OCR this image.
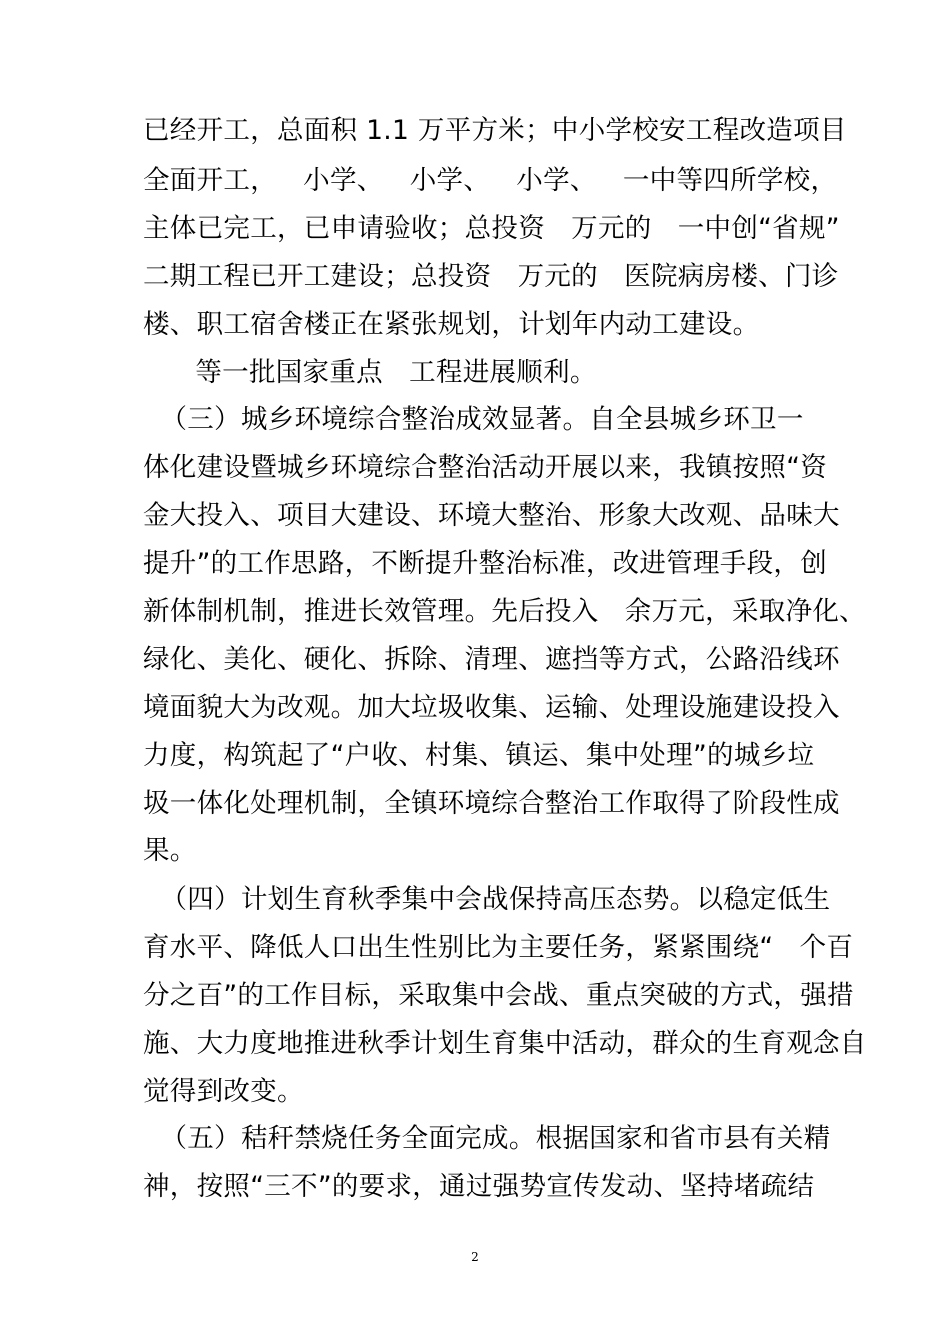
已经开工，总面积 1.1 万平方米；中小学校安工程改造项目

全面开工，   小学、   小学、   小学、   一中等四所学校，

主体已完工，已申请验收；总投资   万元的   一中创“省规”

二期工程已开工建设；总投资   万元的   医院病房楼、门诊

楼、职工宿舍楼正在紧张规划，计划年内动工建设。

等一批国家重点   工程进展顺利。

（三）城乡环境综合整治成效显著。自全县城乡环卫一

体化建设暨城乡环境综合整治活动开展以来，我镇按照“资

金大投入、项目大建设、环境大整治、形象大改观、品味大

提升”的工作思路，不断提升整治标准，改进管理手段，创

新体制机制，推进长效管理。先后投入   余万元，采取净化、

绿化、美化、硬化、拆除、清理、遮挡等方式，公路沿线环

境面貌大为改观。加大垃圾收集、运输、处理设施建设投入

力度，构筑起了“户收、村集、镇运、集中处理”的城乡垃

圾一体化处理机制，全镇环境综合整治工作取得了阶段性成

果。

（四）计划生育秋季集中会战保持高压态势。以稳定低生

育水平、降低人口出生性别比为主要任务，紧紧围绕“   个百

分之百”的工作目标，采取集中会战、重点突破的方式，强措

施、大力度地推进秋季计划生育集中活动，群众的生育观念自

觉得到改变。

（五）秸秆禁烧任务全面完成。根据国家和省市县有关精

神，按照“三不”的要求，通过强势宣传发动、坚持堵疏结

2
